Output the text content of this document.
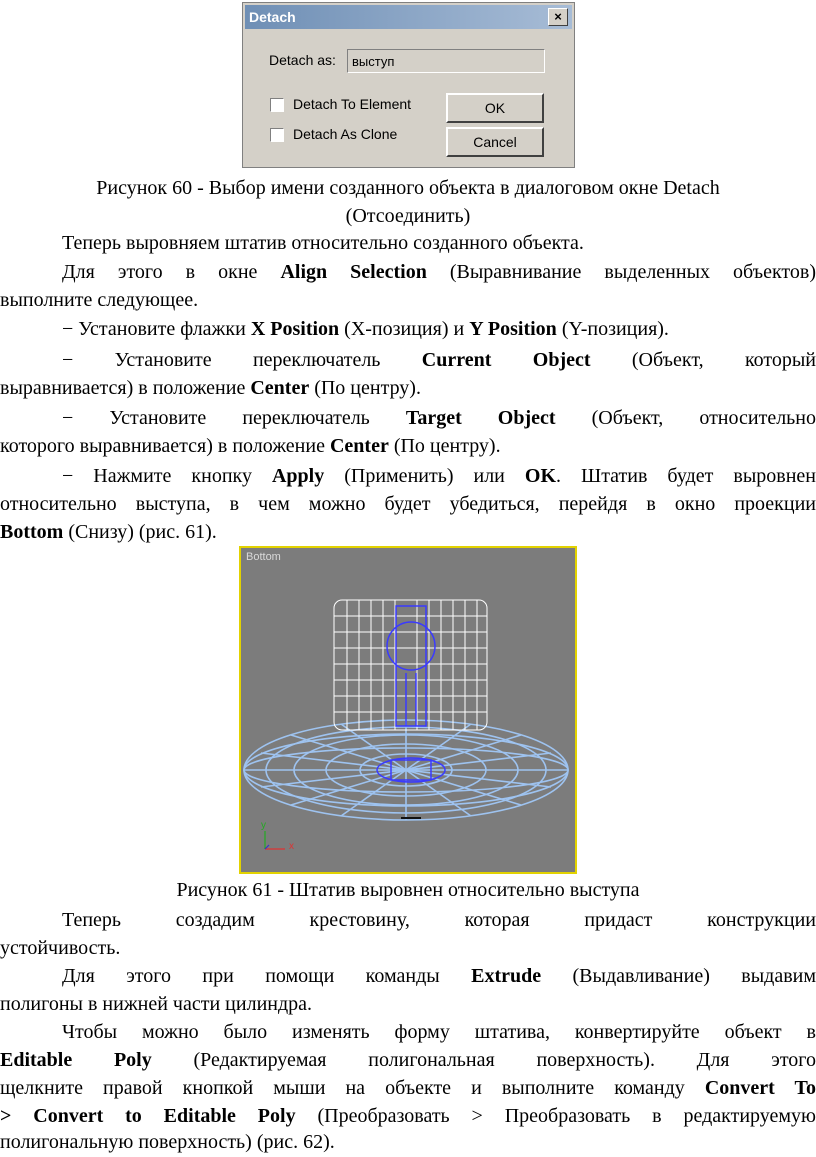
Detach	×
Detach as:
выступ
Detach To Element
Detach As Clone
OK
Cancel
Рисунок 60 - Выбор имени созданного объекта в диалоговом окне Detach
(Отсоединить)

Теперь выровняем штатив относительно созданного объекта.

Для этого в окне Align Selection (Выравнивание выделенных объектов)

выполните следующее.

− Установите флажки X Position (X-позиция) и Y Position (Y-позиция).

− Установите переключатель Current Object (Объект, который

выравнивается) в положение Center (По центру).

− Установите переключатель Target Object (Объект, относительно

которого выравнивается) в положение Center (По центру).

− Нажмите кнопку Apply (Применить) или OK. Штатив будет выровнен

относительно выступа, в чем можно будет убедиться, перейдя в окно проекции

Bottom (Снизу) (рис. 61).

Bottom
x
y
Рисунок 61 - Штатив выровнен относительно выступа

Теперь создадим крестовину, которая придаст конструкции

устойчивость.

Для этого при помощи команды Extrude (Выдавливание) выдавим

полигоны в нижней части цилиндра.

Чтобы можно было изменять форму штатива, конвертируйте объект в

Editable Poly (Редактируемая полигональная поверхность). Для этого

щелкните правой кнопкой мыши на объекте и выполните команду Convert To

> Convert to Editable Poly (Преобразовать > Преобразовать в редактируемую

полигональную поверхность) (рис. 62).
